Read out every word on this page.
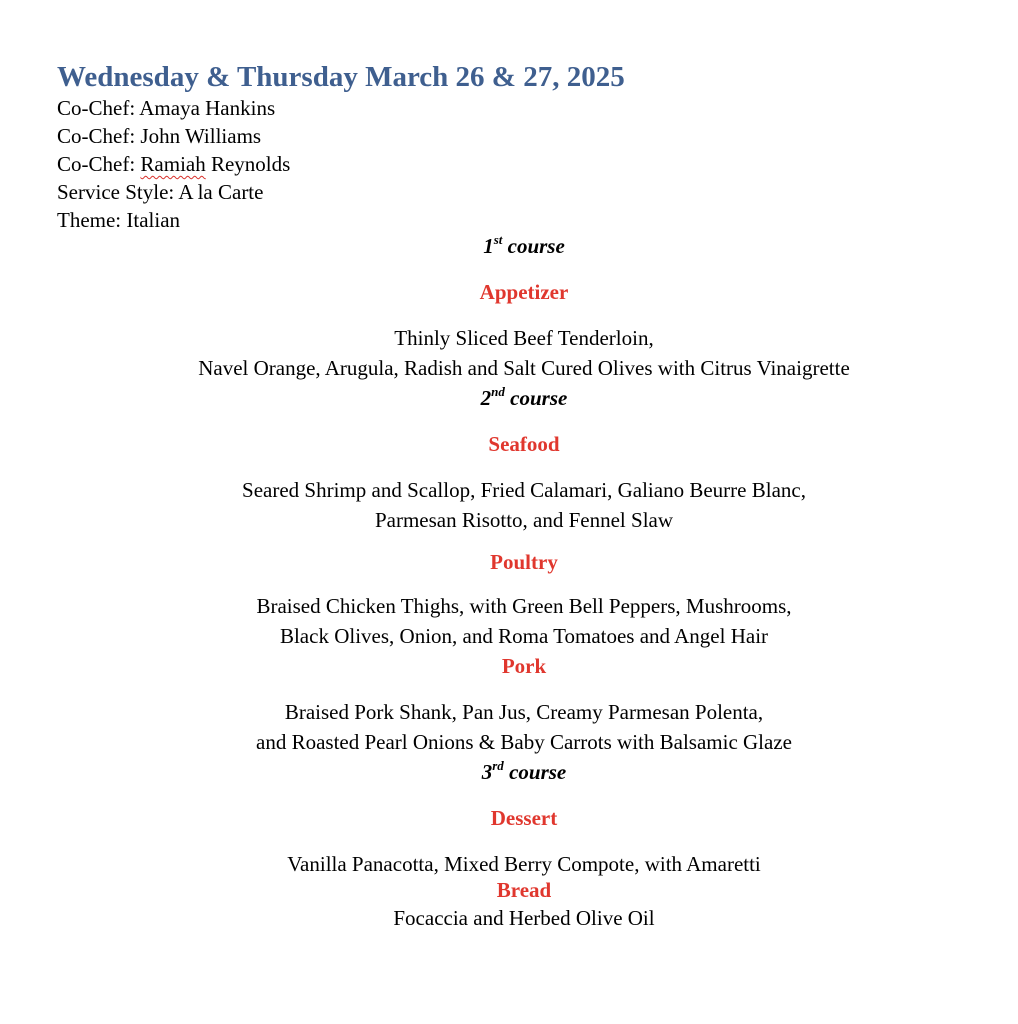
Wednesday & Thursday March 26 & 27, 2025
Co-Chef: Amaya Hankins
Co-Chef: John Williams
Co-Chef: Ramiah Reynolds
Service Style: A la Carte
Theme: Italian
1st course
Appetizer
Thinly Sliced Beef Tenderloin,
Navel Orange, Arugula, Radish and Salt Cured Olives with Citrus Vinaigrette
2nd course
Seafood
Seared Shrimp and Scallop, Fried Calamari, Galiano Beurre Blanc,
Parmesan Risotto, and Fennel Slaw
Poultry
Braised Chicken Thighs, with Green Bell Peppers, Mushrooms,
Black Olives, Onion, and Roma Tomatoes and Angel Hair
Pork
Braised Pork Shank, Pan Jus, Creamy Parmesan Polenta,
and Roasted Pearl Onions & Baby Carrots with Balsamic Glaze
3rd course
Dessert
Vanilla Panacotta, Mixed Berry Compote, with Amaretti
Bread
Focaccia and Herbed Olive Oil
